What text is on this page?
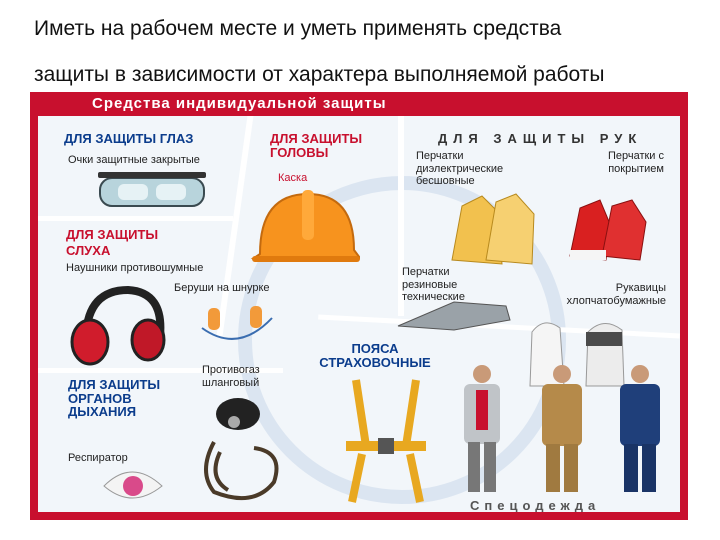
Иметь на рабочем месте и уметь применять средства
защиты в зависимости от характера выполняемой работы
Средства индивидуальной защиты
ДЛЯ ЗАЩИТЫ ГЛАЗ
Очки защитные закрытые
ДЛЯ ЗАЩИТЫ ГОЛОВЫ
Каска
ДЛЯ ЗАЩИТЫ РУК
Перчатки диэлектрические бесшовные
Перчатки с покрытием
Перчатки резиновые технические
Рукавицы хлопчатобумажные
ДЛЯ ЗАЩИТЫ
СЛУХА
Наушники противошумные
Беруши на шнурке
ДЛЯ ЗАЩИТЫ ОРГАНОВ ДЫХАНИЯ
Противогаз шланговый
Респиратор
ПОЯСА СТРАХОВОЧНЫЕ
Спецодежда
